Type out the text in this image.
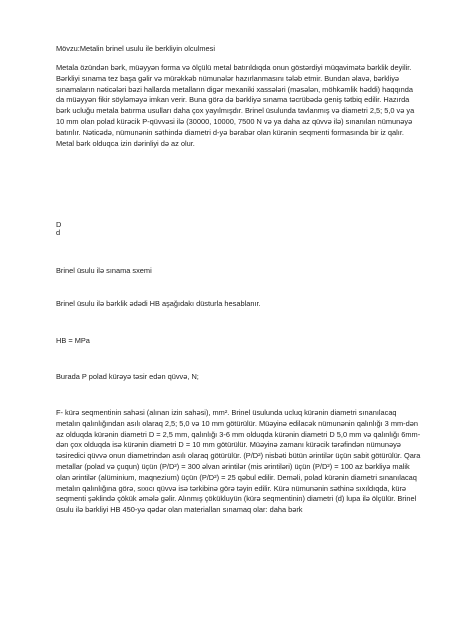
Mövzu:Metalin brinel usulu ile berkliyin olculmesi

Metala özündən bərk, müəyyən forma və ölçülü metal batırıldıqda onun göstərdiyi müqavimətə bərklik deyilir. Bərkliyi sınama tez başa gəlir və mürəkkəb nümunələr hazırlanmasını tələb etmir. Bundan əlavə, bərkliyə sınamaların nəticələri bəzi hallarda metalların digər mexaniki xassələri (məsələn, möhkəmlik həddi) haqqında da müəyyən fikir söyləməyə imkan verir. Buna görə də bərkliyə sınama təcrübədə geniş tətbiq edilir. Hazırda bərk ucluğu metala batırma usulları daha çox yayılmışdır. Brinel üsulunda tavlanmış və diametri 2,5; 5,0 və ya 10 mm olan polad kürəcik P-qüvvəsi ilə (30000, 10000, 7500 N və ya daha az qüvvə ilə) sınanılan nümunəyə batırılır. Nəticədə, nümunənin səthində diametri d-yə bərabər olan kürənin seqmenti formasında bir iz qalır. Metal bərk olduqca izin dərinliyi də az olur.

D

d

Brinel üsulu ilə sınama sxemi

Brinel üsulu ilə bərklik ədədi HB aşağıdakı düsturla hesablanır.

HB = MPa

Burada P polad kürəyə təsir edən qüvvə, N;

F- kürə seqmentinin sahəsi (alınan izin sahəsi), mm². Brinel üsulunda ucluq kürənin diametri sınanılacaq metalın qalınlığından asılı olaraq 2,5; 5,0 və 10 mm götürülür. Müəyinə edilacək nümunənin qalınlığı 3 mm-dən az olduqda kürənin diametri D = 2,5 mm, qalınlığı 3-6 mm olduqda kürənin diametri D 5,0 mm və qalınlığı 6mm-dən çox olduqda isə kürənin diametri D = 10 mm götürülür. Müəyinə zamanı kürəcik tərəfindən nümunəyə təsiredici qüvvə onun diametrindən asılı olaraq götürülür. (P/D²) nisbəti bütün ərintilər üçün sabit götürülür. Qara metallar (polad və çuqun) üçün (P/D²) = 300 əlvan ərintilər (mis ərintiləri) üçün (P/D²) = 100 az bərkliyə malik olan ərintilər (alüminium, maqnezium) üçün (P/D²) = 25 qəbul edilir. Deməli, polad kürənin diametri sınanılacaq metalın qalınlığına görə, sıxıcı qüvvə isə tərkibinə görə təyin edilir. Kürə nümunənin səthinə sıxıldıqda, kürə seqmenti şəklində çökük əmələ gəlir. Alınmış çökükluyün (kürə seqmentinin) diametri (d) lupa ilə ölçülür. Brinel üsulu ilə bərkliyi HB 450-yə qədər olan materialları sınamaq olar: daha bərk
